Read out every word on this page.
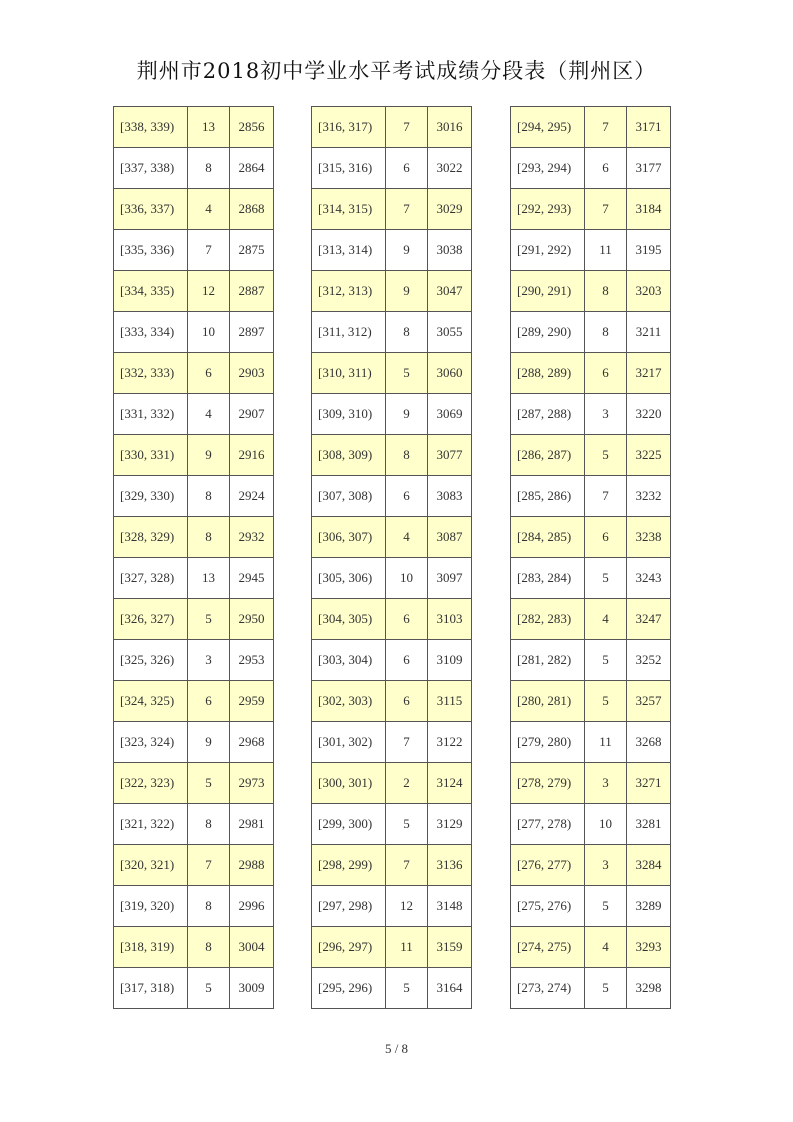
荆州市2018初中学业水平考试成绩分段表（荆州区）
[338, 339)	13	2856
[337, 338)	8	2864
[336, 337)	4	2868
[335, 336)	7	2875
[334, 335)	12	2887
[333, 334)	10	2897
[332, 333)	6	2903
[331, 332)	4	2907
[330, 331)	9	2916
[329, 330)	8	2924
[328, 329)	8	2932
[327, 328)	13	2945
[326, 327)	5	2950
[325, 326)	3	2953
[324, 325)	6	2959
[323, 324)	9	2968
[322, 323)	5	2973
[321, 322)	8	2981
[320, 321)	7	2988
[319, 320)	8	2996
[318, 319)	8	3004
[317, 318)	5	3009
[316, 317)	7	3016
[315, 316)	6	3022
[314, 315)	7	3029
[313, 314)	9	3038
[312, 313)	9	3047
[311, 312)	8	3055
[310, 311)	5	3060
[309, 310)	9	3069
[308, 309)	8	3077
[307, 308)	6	3083
[306, 307)	4	3087
[305, 306)	10	3097
[304, 305)	6	3103
[303, 304)	6	3109
[302, 303)	6	3115
[301, 302)	7	3122
[300, 301)	2	3124
[299, 300)	5	3129
[298, 299)	7	3136
[297, 298)	12	3148
[296, 297)	11	3159
[295, 296)	5	3164
[294, 295)	7	3171
[293, 294)	6	3177
[292, 293)	7	3184
[291, 292)	11	3195
[290, 291)	8	3203
[289, 290)	8	3211
[288, 289)	6	3217
[287, 288)	3	3220
[286, 287)	5	3225
[285, 286)	7	3232
[284, 285)	6	3238
[283, 284)	5	3243
[282, 283)	4	3247
[281, 282)	5	3252
[280, 281)	5	3257
[279, 280)	11	3268
[278, 279)	3	3271
[277, 278)	10	3281
[276, 277)	3	3284
[275, 276)	5	3289
[274, 275)	4	3293
[273, 274)	5	3298
5 / 8
